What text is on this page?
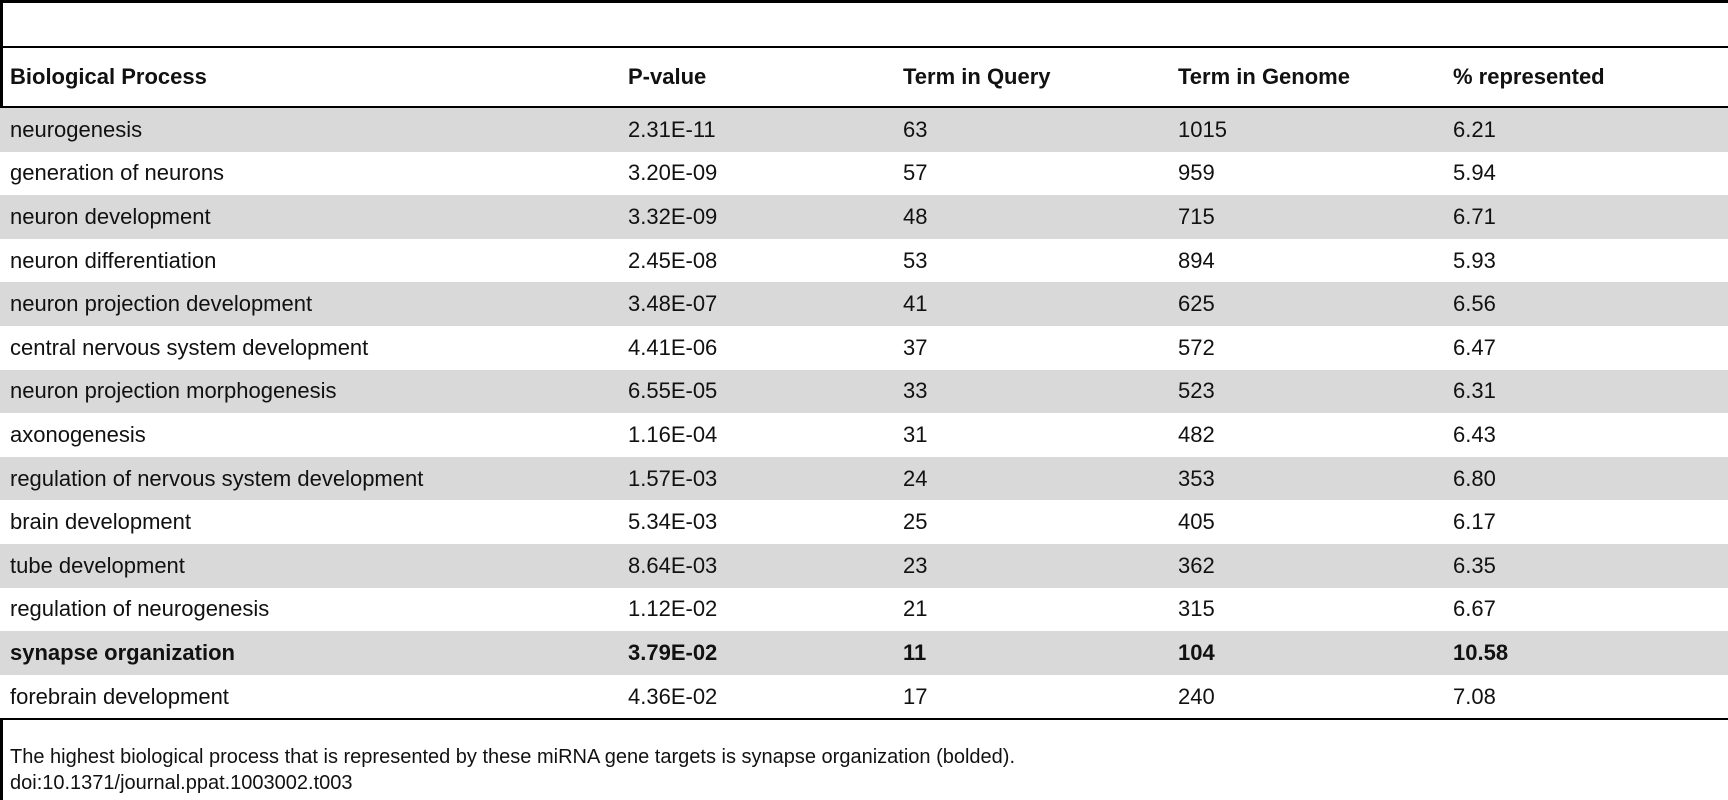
Biological Process	P-value	Term in Query	Term in Genome	% represented
neurogenesis	2.31E-11	63	1015	6.21
generation of neurons	3.20E-09	57	959	5.94
neuron development	3.32E-09	48	715	6.71
neuron differentiation	2.45E-08	53	894	5.93
neuron projection development	3.48E-07	41	625	6.56
central nervous system development	4.41E-06	37	572	6.47
neuron projection morphogenesis	6.55E-05	33	523	6.31
axonogenesis	1.16E-04	31	482	6.43
regulation of nervous system development	1.57E-03	24	353	6.80
brain development	5.34E-03	25	405	6.17
tube development	8.64E-03	23	362	6.35
regulation of neurogenesis	1.12E-02	21	315	6.67
synapse organization	3.79E-02	11	104	10.58
forebrain development	4.36E-02	17	240	7.08
The highest biological process that is represented by these miRNA gene targets is synapse organization (bolded).
doi:10.1371/journal.ppat.1003002.t003
